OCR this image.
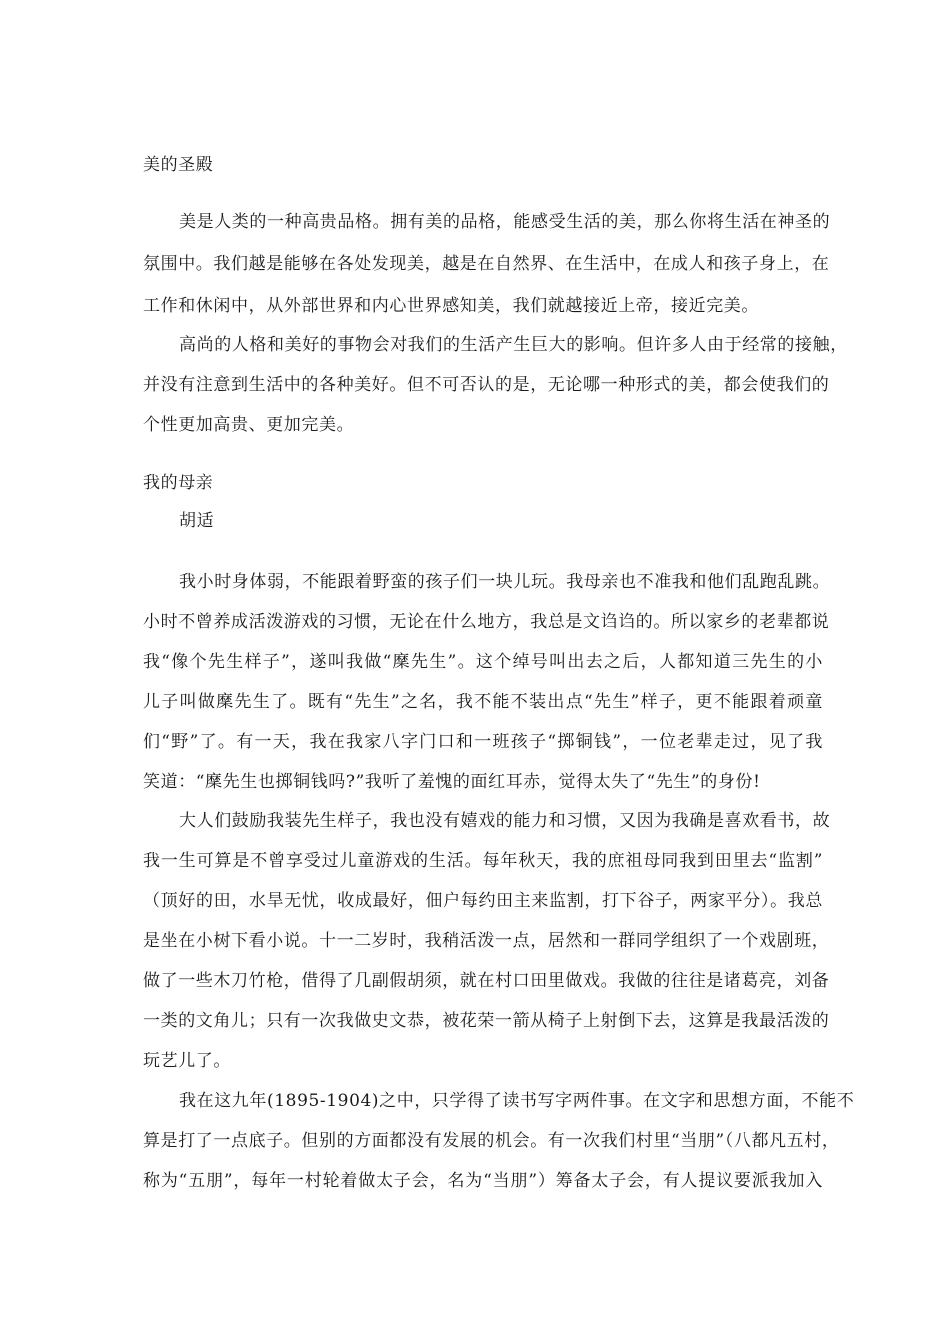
美的圣殿
美是人类的一种高贵品格。拥有美的品格，能感受生活的美，那么你将生活在神圣的
氛围中。我们越是能够在各处发现美，越是在自然界、在生活中，在成人和孩子身上，在
工作和休闲中，从外部世界和内心世界感知美，我们就越接近上帝，接近完美。
高尚的人格和美好的事物会对我们的生活产生巨大的影响。但许多人由于经常的接触，
并没有注意到生活中的各种美好。但不可否认的是，无论哪一种形式的美，都会使我们的
个性更加高贵、更加完美。
我的母亲
胡适
我小时身体弱，不能跟着野蛮的孩子们一块儿玩。我母亲也不准我和他们乱跑乱跳。
小时不曾养成活泼游戏的习惯，无论在什么地方，我总是文诌诌的。所以家乡的老辈都说
我“像个先生样子”，遂叫我做“穈先生”。这个绰号叫出去之后，人都知道三先生的小
儿子叫做穈先生了。既有“先生”之名，我不能不装出点“先生”样子，更不能跟着顽童
们“野”了。有一天，我在我家八字门口和一班孩子“掷铜钱”，一位老辈走过，见了我
笑道：“穈先生也掷铜钱吗?”我听了羞愧的面红耳赤，觉得太失了“先生”的身份!
大人们鼓励我装先生样子，我也没有嬉戏的能力和习惯，又因为我确是喜欢看书，故
我一生可算是不曾享受过儿童游戏的生活。每年秋天，我的庶祖母同我到田里去“监割”
（顶好的田，水旱无忧，收成最好，佃户每约田主来监割，打下谷子，两家平分）。我总
是坐在小树下看小说。十一二岁时，我稍活泼一点，居然和一群同学组织了一个戏剧班，
做了一些木刀竹枪，借得了几副假胡须，就在村口田里做戏。我做的往往是诸葛亮，刘备
一类的文角儿；只有一次我做史文恭，被花荣一箭从椅子上射倒下去，这算是我最活泼的
玩艺儿了。
我在这九年(1895-1904)之中，只学得了读书写字两件事。在文字和思想方面，不能不
算是打了一点底子。但别的方面都没有发展的机会。有一次我们村里“当朋”（八都凡五村，
称为“五朋”，每年一村轮着做太子会，名为“当朋”）筹备太子会，有人提议要派我加入
